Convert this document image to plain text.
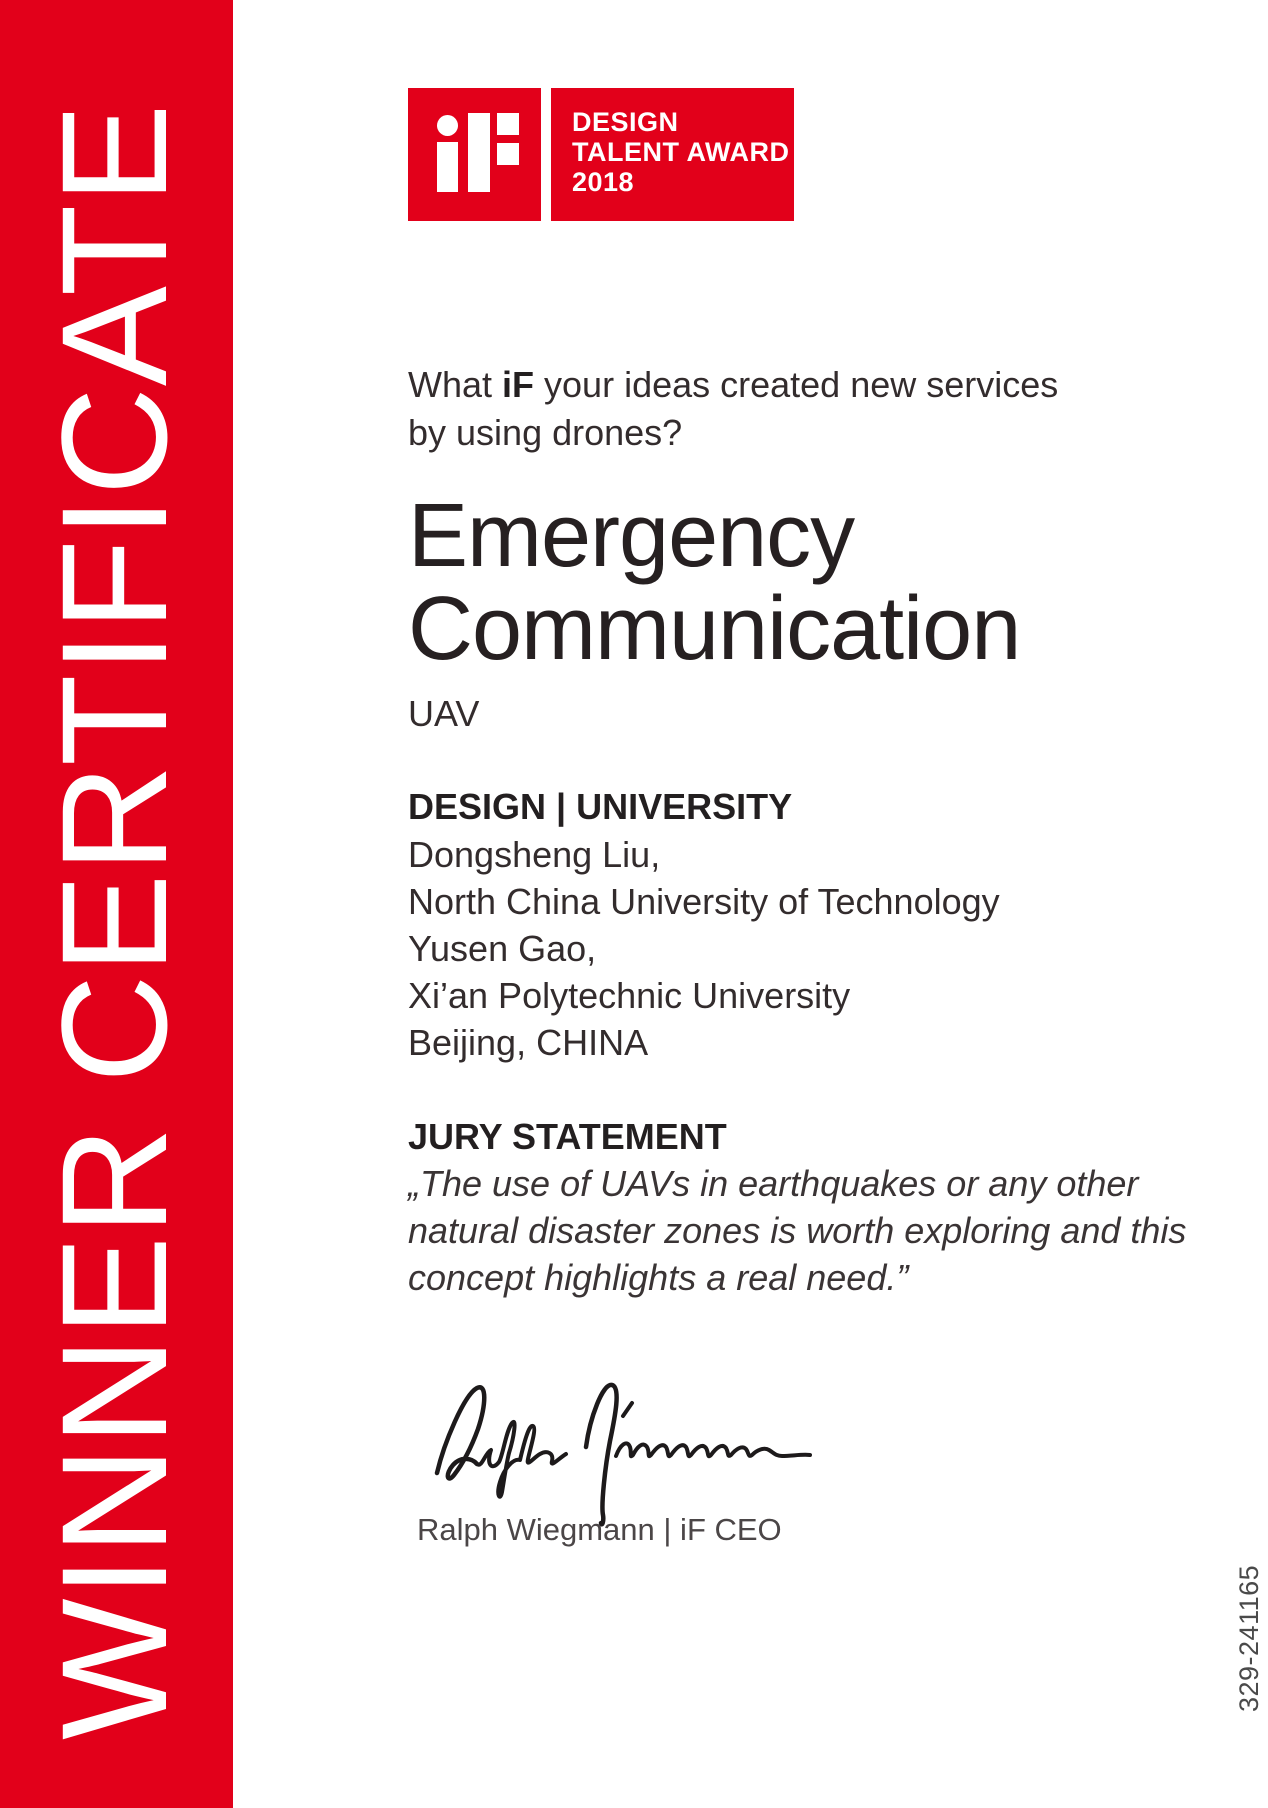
WINNER CERTIFICATE	DESIGN
TALENT AWARD
2018
What iF your ideas created new services
by using drones?
Emergency
Communication
UAV
DESIGN | UNIVERSITY
Dongsheng Liu,
North China University of Technology
Yusen Gao,
Xi’an Polytechnic University
Beijing, CHINA
JURY STATEMENT
„The use of UAVs in earthquakes or any other
natural disaster zones is worth exploring and this
concept highlights a real need.”
Ralph Wiegmann | iF CEO
329-241165
